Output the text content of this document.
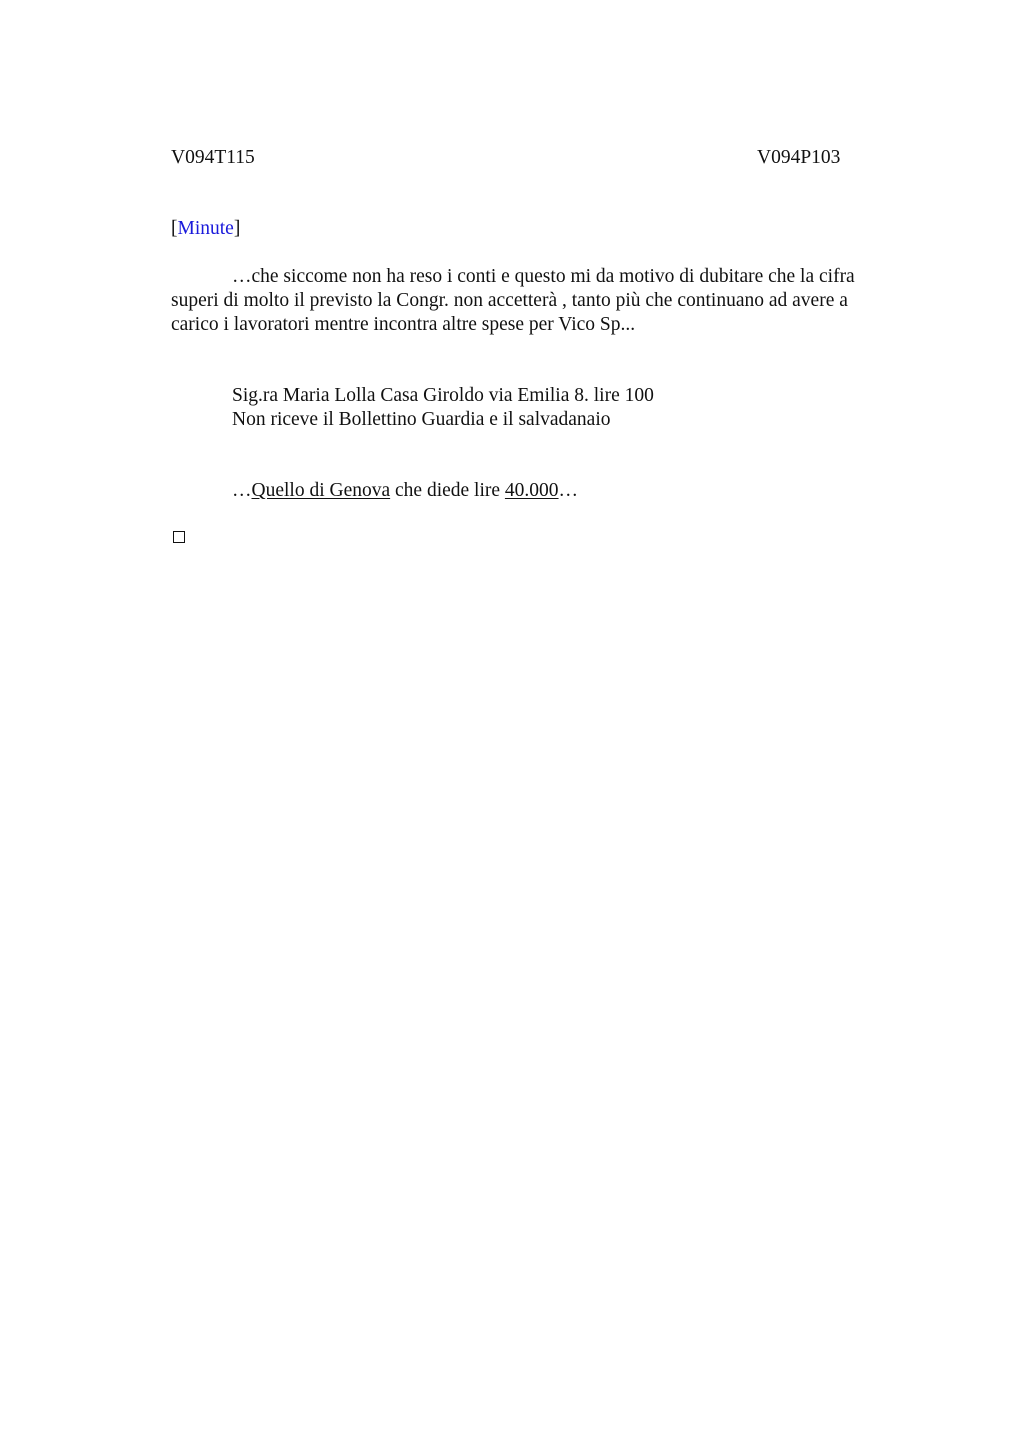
V094T115	V094P103
[Minute]

…che siccome non ha reso i conti e questo mi da motivo di dubitare che la cifra
superi di molto il previsto la Congr. non accetterà , tanto più che continuano ad avere a
carico i lavoratori mentre incontra altre spese per Vico Sp...

Sig.ra Maria Lolla Casa Giroldo via Emilia 8. lire 100
Non riceve il Bollettino Guardia e il salvadanaio

…Quello di Genova che diede lire 40.000…
